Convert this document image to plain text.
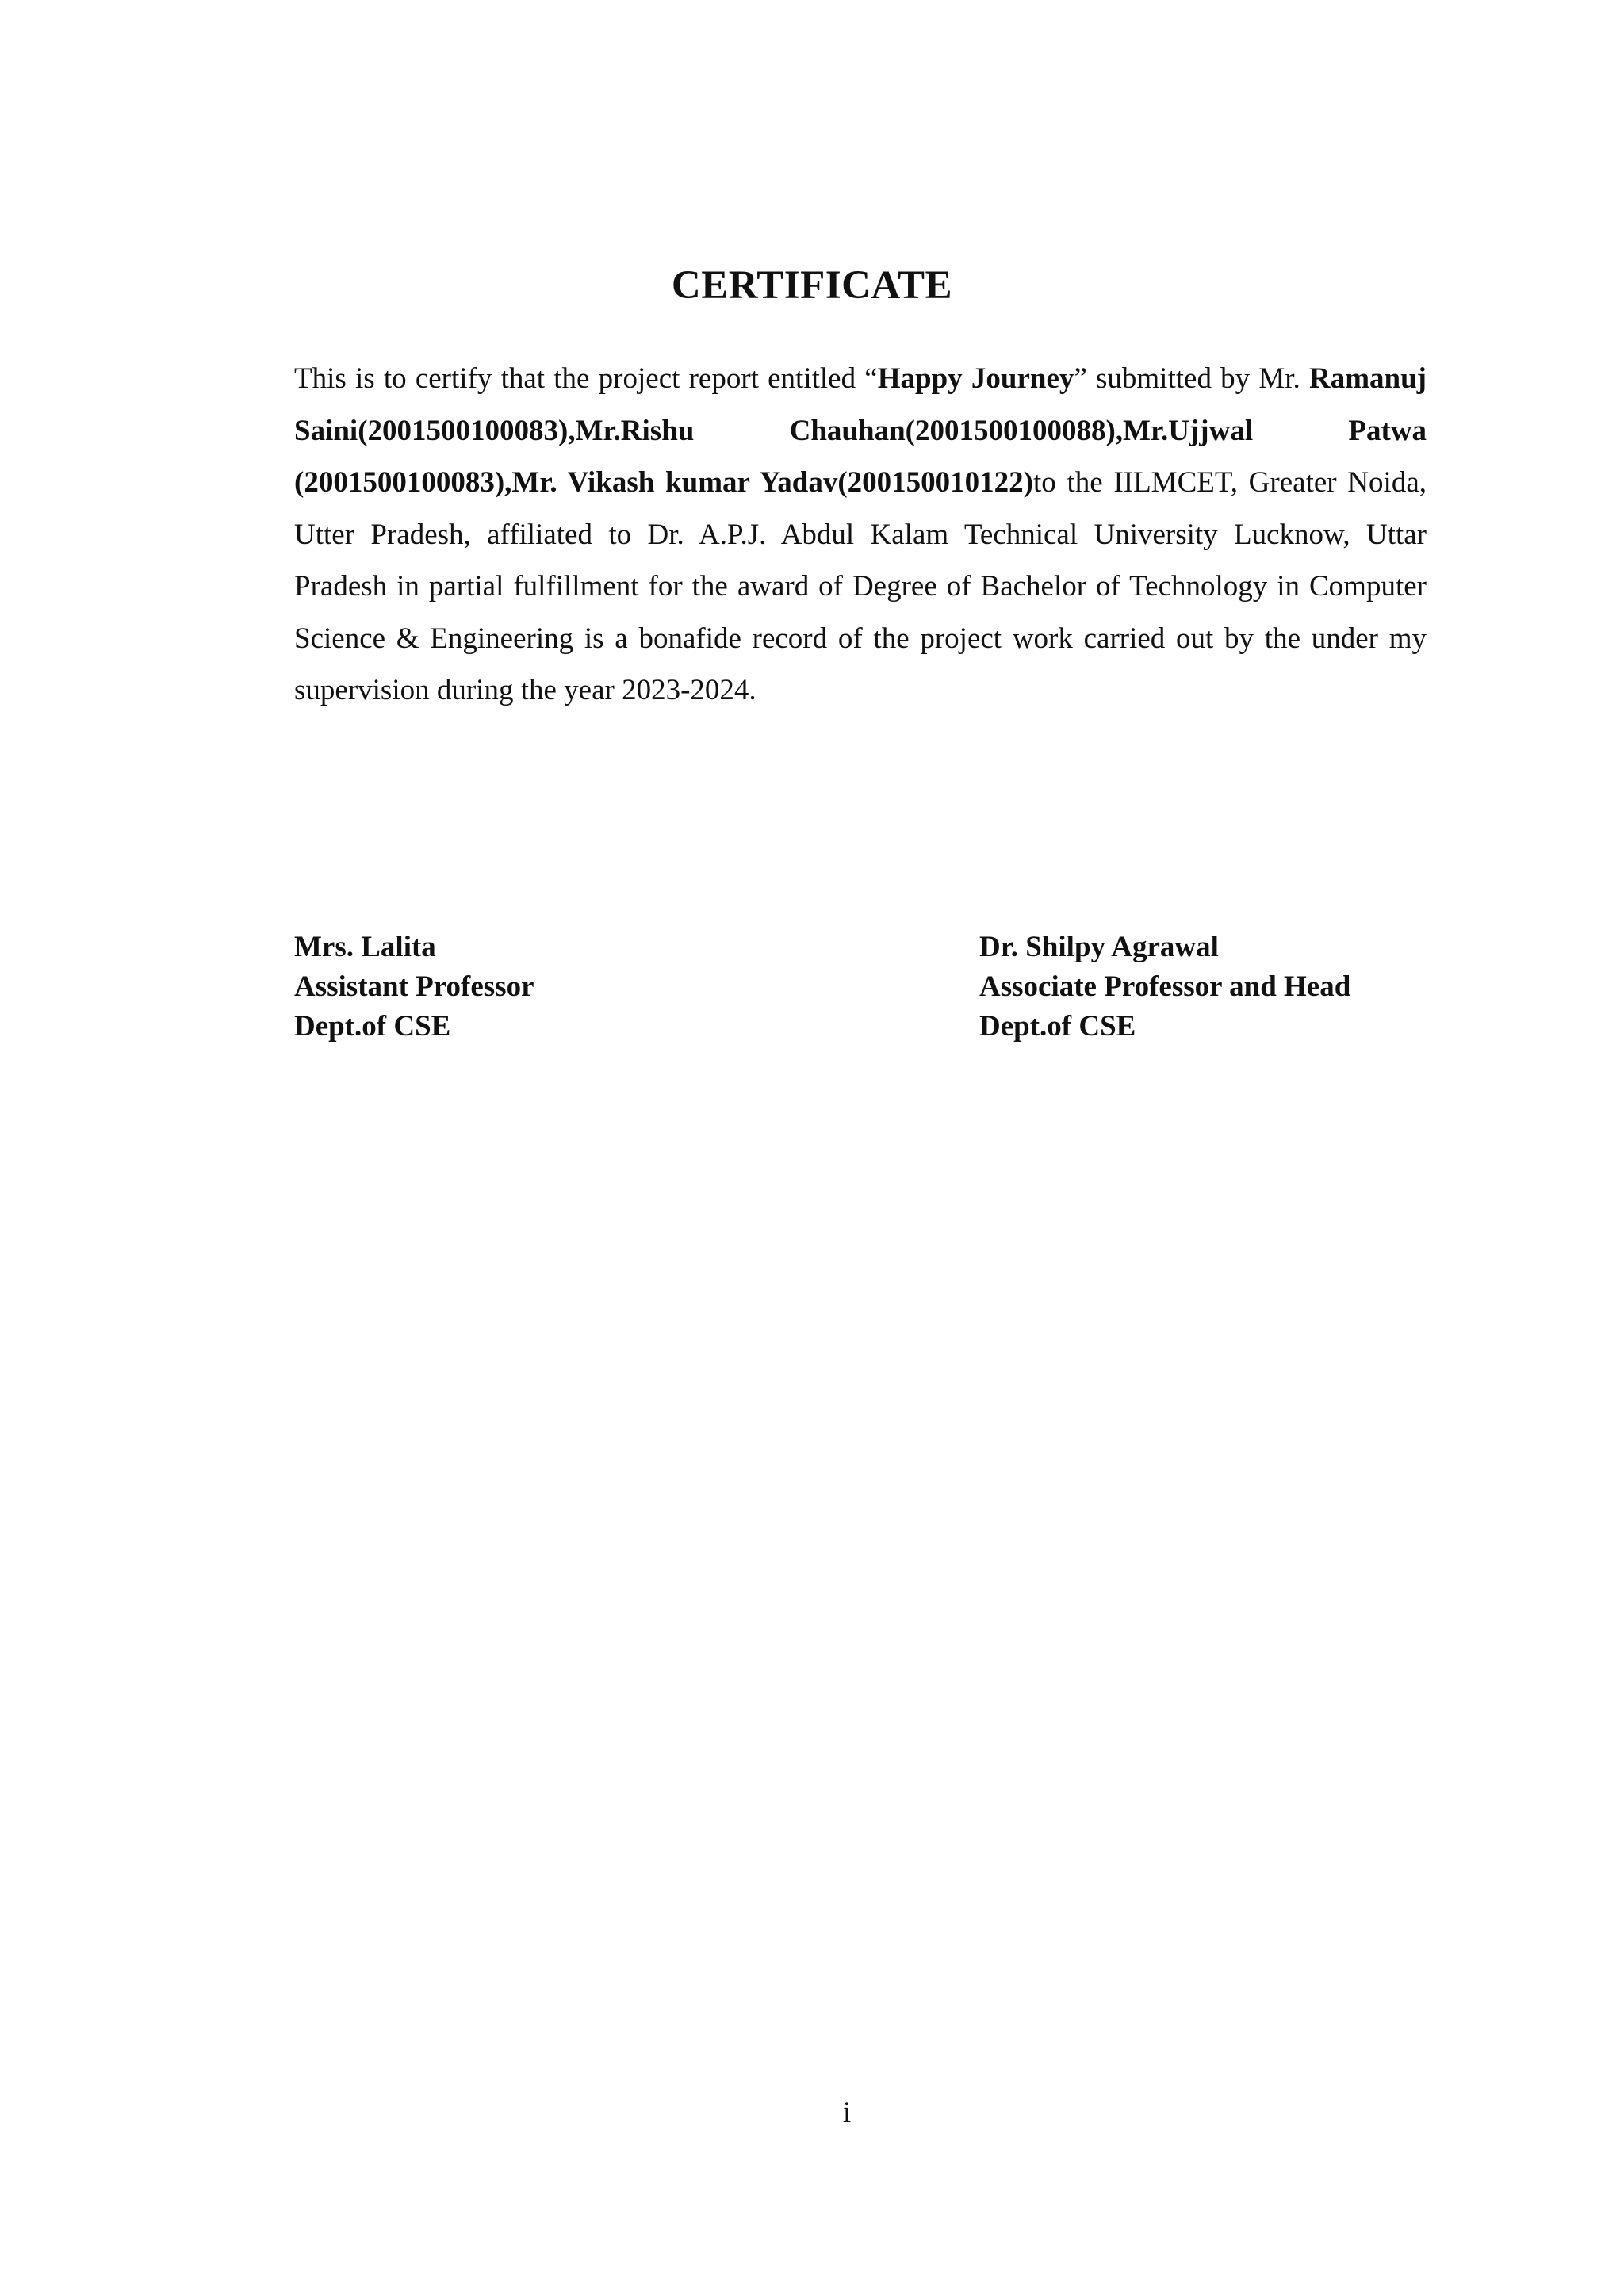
CERTIFICATE
This is to certify that the project report entitled “Happy Journey” submitted by Mr. Ramanuj Saini(2001500100083),Mr.Rishu Chauhan(2001500100088),Mr.Ujjwal Patwa (2001500100083),Mr. Vikash kumar Yadav(200150010122)to the IILMCET, Greater Noida, Utter Pradesh, affiliated to Dr. A.P.J. Abdul Kalam Technical University Lucknow, Uttar Pradesh in partial fulfillment for the award of Degree of Bachelor of Technology in Computer Science & Engineering is a bonafide record of the project work carried out by the under my supervision during the year 2023-2024.
Mrs. Lalita
Assistant Professor
Dept.of CSE
Dr. Shilpy Agrawal
Associate Professor and Head
Dept.of CSE
i
